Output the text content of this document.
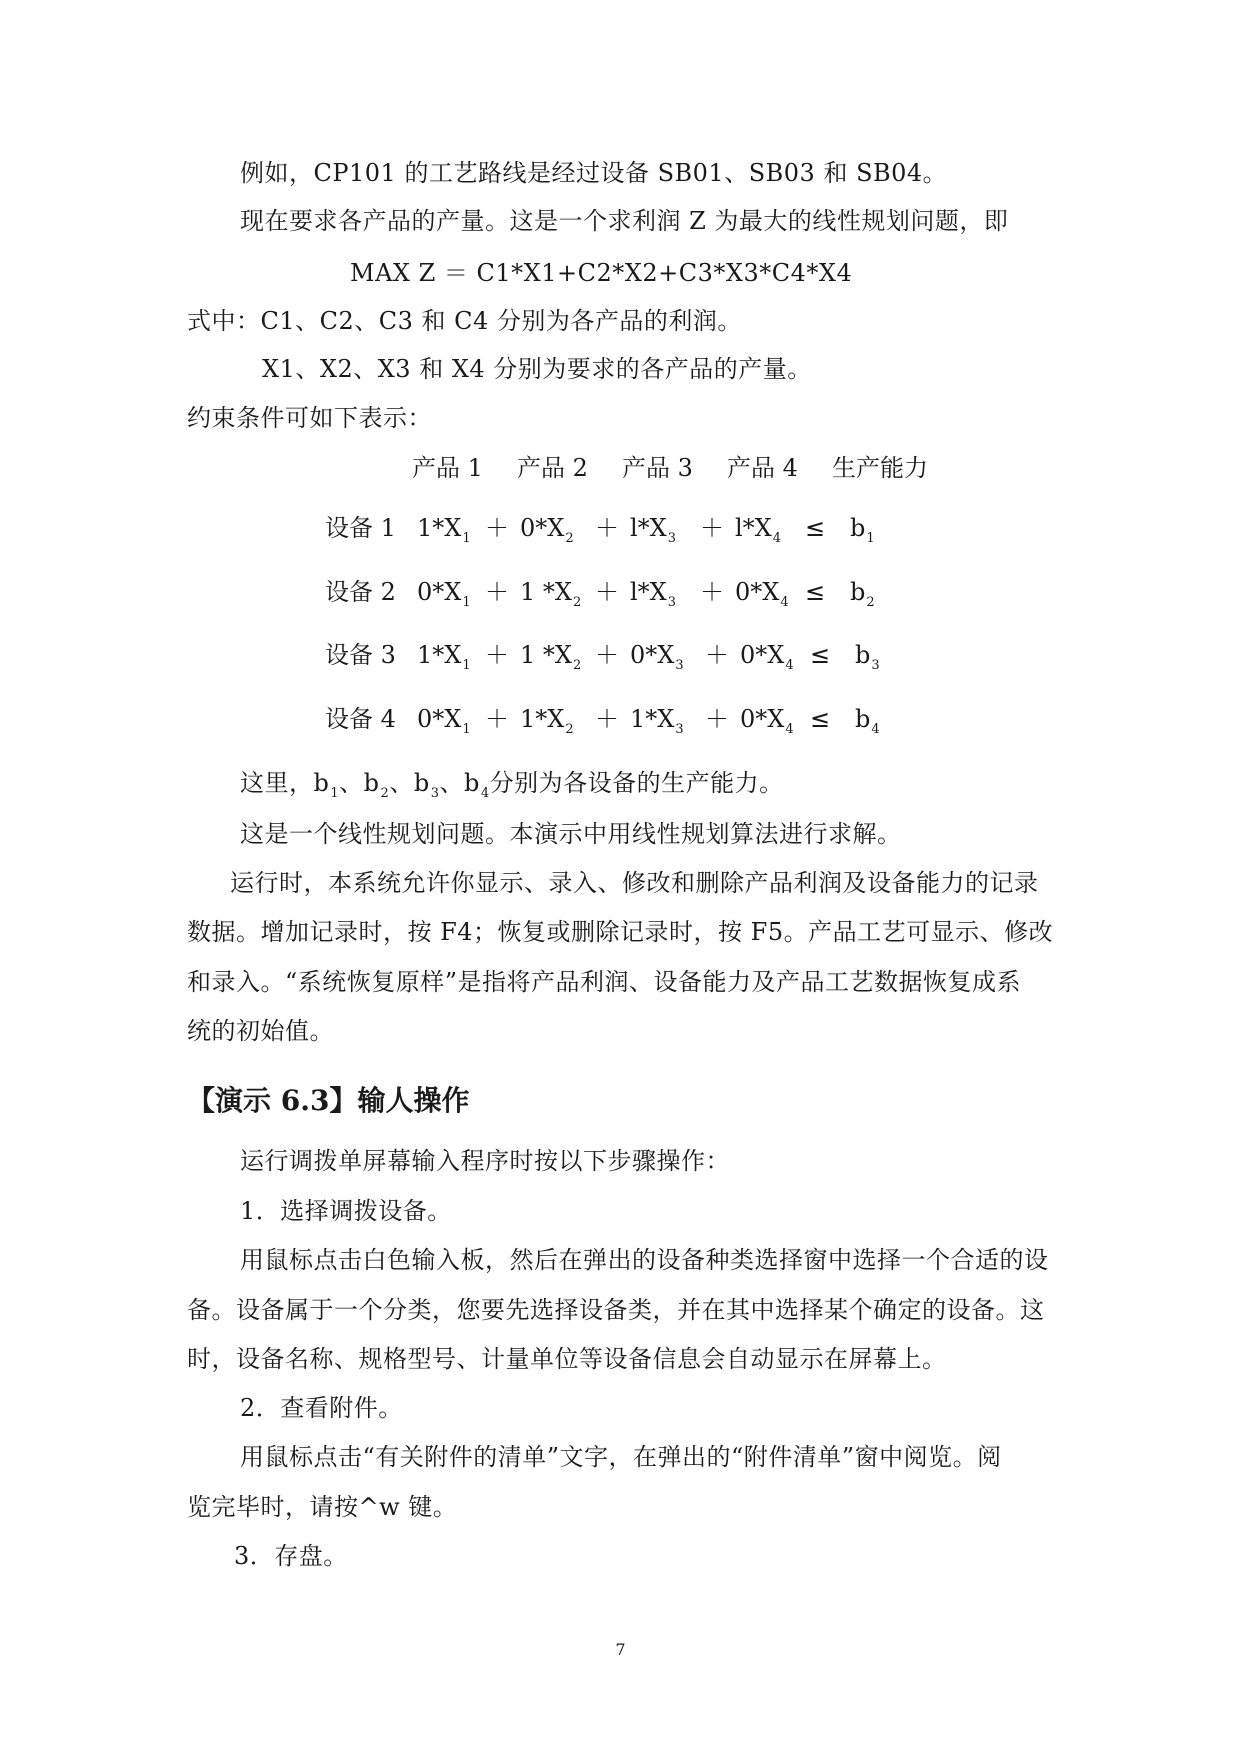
例如，CP101 的工艺路线是经过设备 SB01、SB03 和 SB04。
现在要求各产品的产量。这是一个求利润 Z 为最大的线性规划问题，即
MAX Z ＝ C1*X1+C2*X2+C3*X3*C4*X4
式中：C1、C2、C3 和 C4 分别为各产品的利润。
X1、X2、X3 和 X4 分别为要求的各产品的产量。
约束条件可如下表示：
产品 1 产品 2 产品 3 产品 4 生产能力
设备 1 $1*X_1 + 0*X_2 + l*X_3 + l*X_4 \le b_1$
设备 2 $0*X_1 + 1$ $*X_2 + l*X_3 + 0*X_4 \le b_2$
设备 3 $1*X_1 + 1$ $*X_2 + 0*X_3 + 0*X_4 \le b_3$
设备 4 $0*X_1 + 1*X_2 + 1*X_3 + 0*X_4 \le b_4$
这里，$b_1$、$b_2$、$b_3$、$b_4$分别为各设备的生产能力。
这是一个线性规划问题。本演示中用线性规划算法进行求解。
运行时，本系统允许你显示、录入、修改和删除产品利润及设备能力的记录
数据。增加记录时，按 F4；恢复或删除记录时，按 F5。产品工艺可显示、修改
和录入。“系统恢复原样”是指将产品利润、设备能力及产品工艺数据恢复成系
统的初始值。
【演示 6.3】输人操作
运行调拨单屏幕输入程序时按以下步骤操作：
1．选择调拨设备。
用鼠标点击白色输入板，然后在弹出的设备种类选择窗中选择一个合适的设
备。设备属于一个分类，您要先选择设备类，并在其中选择某个确定的设备。这
时，设备名称、规格型号、计量单位等设备信息会自动显示在屏幕上。
2．查看附件。
用鼠标点击“有关附件的清单”文字，在弹出的“附件清单”窗中阅览。阅
览完毕时，请按^w 键。
3．存盘。
7
